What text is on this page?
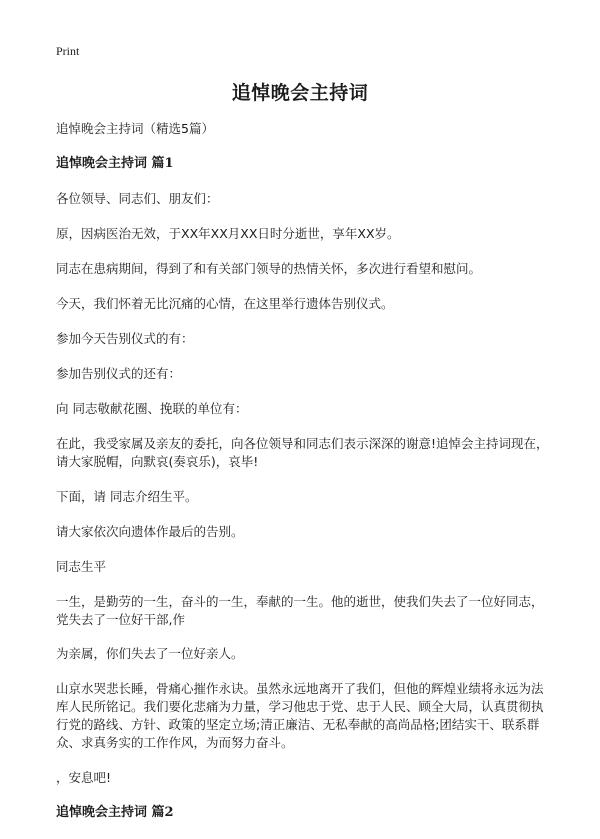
Print
追悼晚会主持词

追悼晚会主持词（精选5篇）

追悼晚会主持词 篇1

各位领导、同志们、朋友们：

原，因病医治无效，于XX年XX月XX日时分逝世，享年XX岁。

同志在患病期间，得到了和有关部门领导的热情关怀，多次进行看望和慰问。

今天，我们怀着无比沉痛的心情，在这里举行遗体告别仪式。

参加今天告别仪式的有：

参加告别仪式的还有：

向 同志敬献花圈、挽联的单位有：

在此，我受家属及亲友的委托，向各位领导和同志们表示深深的谢意!追悼会主持词现在，请大家脱帽，向默哀(奏哀乐)，哀毕!

下面，请 同志介绍生平。

请大家依次向遗体作最后的告别。

同志生平

一生，是勤劳的一生，奋斗的一生，奉献的一生。他的逝世，使我们失去了一位好同志，党失去了一位好干部,作

为亲属，你们失去了一位好亲人。

山京水哭悲长睡，骨痛心摧作永诀。虽然永远地离开了我们，但他的辉煌业绩将永远为法库人民所铭记。我们要化悲痛为力量，学习他忠于党、忠于人民、顾全大局，认真贯彻执行党的路线、方针、政策的坚定立场;清正廉洁、无私奉献的高尚品格;团结实干、联系群众、求真务实的工作作风，为而努力奋斗。

，安息吧!

追悼晚会主持词 篇2
